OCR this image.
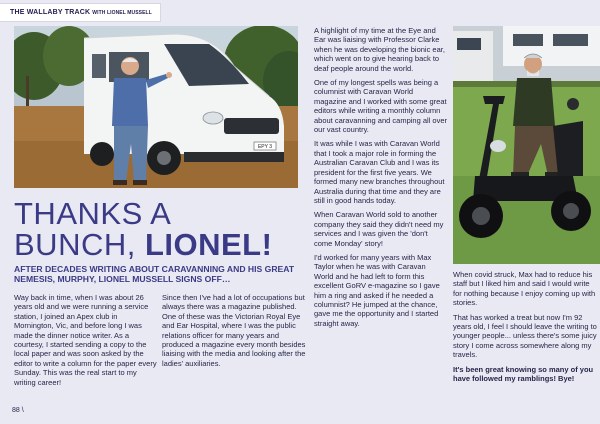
THE WALLABY TRACK WITH LIONEL MUSSELL
EPY 3
THANKS A
BUNCH, LIONEL!
AFTER DECADES WRITING ABOUT CARAVANNING AND HIS GREAT NEMESIS, MURPHY, LIONEL MUSSELL SIGNS OFF…

Way back in time, when I was about 26 years old and we were running a service station, I joined an Apex club in Mornington, Vic, and before long I was made the dinner notice writer. As a courtesy, I started sending a copy to the local paper and was soon asked by the editor to write a column for the paper every Sunday. This was the real start to my writing career!

Since then I've had a lot of occupations but always there was a magazine published. One of these was the Victorian Royal Eye and Ear Hospital, where I was the public relations officer for many years and produced a magazine every month besides liaising with the media and looking after the ladies' auxiliaries.

A highlight of my time at the Eye and Ear was liaising with Professor Clarke when he was developing the bionic ear, which went on to give hearing back to deaf people around the world.

One of my longest spells was being a columnist with Caravan World magazine and I worked with some great editors while writing a monthly column about caravanning and camping all over our vast country.

It was while I was with Caravan World that I took a major role in forming the Australian Caravan Club and I was its president for the first five years. We formed many new branches throughout Australia during that time and they are still in good hands today.

When Caravan World sold to another company they said they didn't need my services and I was given the 'don't come Monday' story!

I'd worked for many years with Max Taylor when he was with Caravan World and he had left to form this excellent GoRV e-magazine so I gave him a ring and asked if he needed a columnist? He jumped at the chance, gave me the opportunity and I started straight away.

When covid struck, Max had to reduce his staff but I liked him and said I would write for nothing because I enjoy coming up with stories.

That has worked a treat but now I'm 92 years old, I feel I should leave the writing to younger people... unless there's some juicy story I come across somewhere along my travels.

It's been great knowing so many of you have followed my ramblings! Bye!

88 \
